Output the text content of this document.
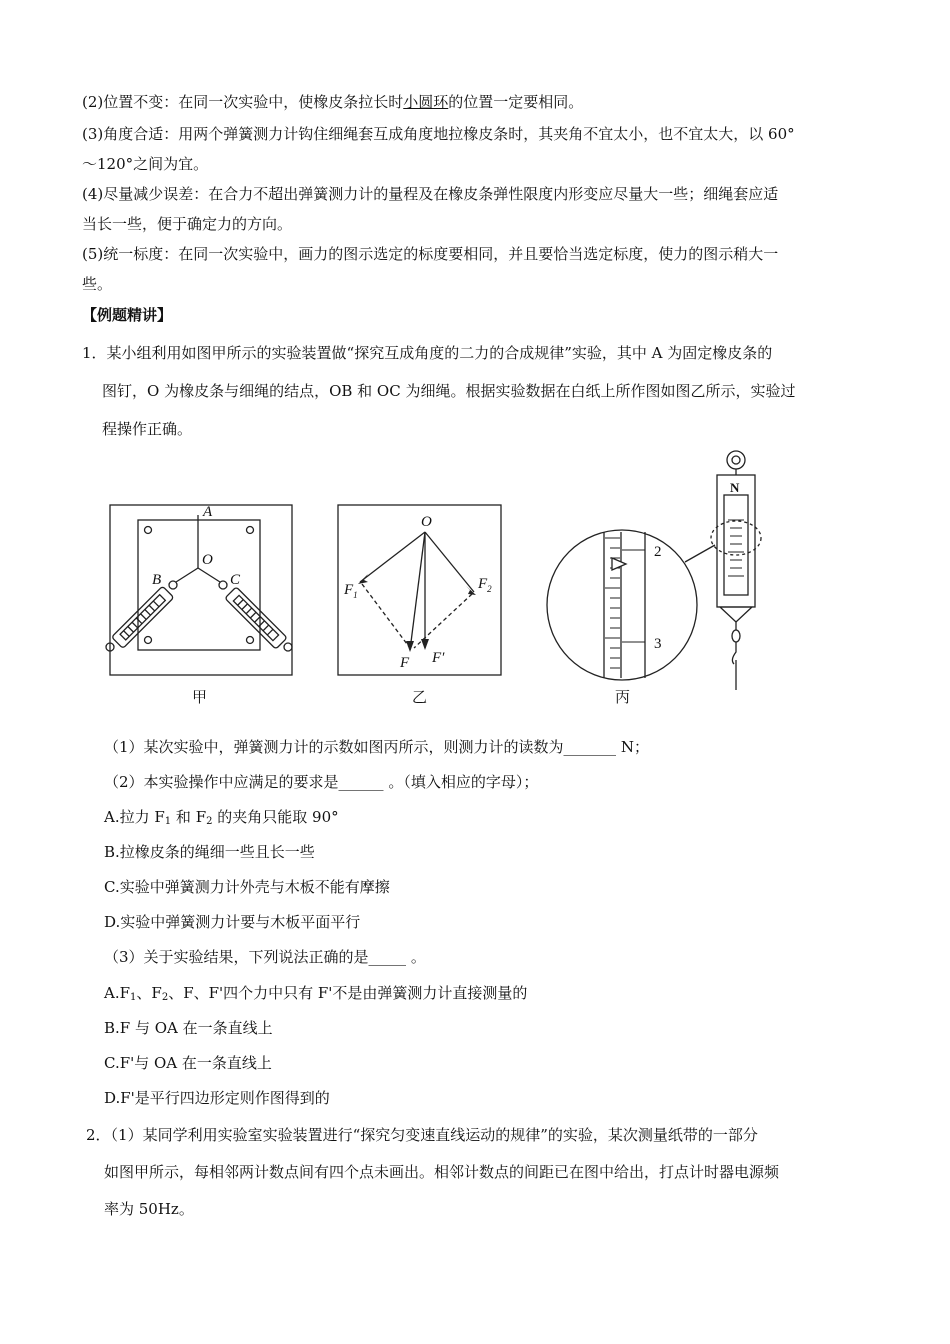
(2)位置不变：在同一次实验中，使橡皮条拉长时小圆环的位置一定要相同。
(3)角度合适：用两个弹簧测力计钩住细绳套互成角度地拉橡皮条时，其夹角不宜太小，也不宜太大，以 60°
～120°之间为宜。
(4)尽量减少误差：在合力不超出弹簧测力计的量程及在橡皮条弹性限度内形变应尽量大一些；细绳套应适
当长一些，便于确定力的方向。
(5)统一标度：在同一次实验中，画力的图示选定的标度要相同，并且要恰当选定标度，使力的图示稍大一
些。
【例题精讲】
1．某小组利用如图甲所示的实验装置做“探究互成角度的二力的合成规律”实验，其中 A 为固定橡皮条的
图钉，O 为橡皮条与细绳的结点，OB 和 OC 为细绳。根据实验数据在白纸上所作图如图乙所示，实验过
程操作正确。
A
O
B	C
O
$F_1$
$F_2$
F F′
2
3
N
甲	乙	丙
（1）某次实验中，弹簧测力计的示数如图丙所示，则测力计的读数为_______ N；
（2）本实验操作中应满足的要求是______ 。（填入相应的字母）；
A.拉力 $F_1$ 和 $F_2$ 的夹角只能取 90°
B.拉橡皮条的绳细一些且长一些
C.实验中弹簧测力计外壳与木板不能有摩擦
D.实验中弹簧测力计要与木板平面平行
（3）关于实验结果，下列说法正确的是_____ 。
$A.F_1$、$F_2$、F、F'四个力中只有 F'不是由弹簧测力计直接测量的
B.F 与 OA 在一条直线上
C.F'与 OA 在一条直线上
D.F'是平行四边形定则作图得到的
2．（1）某同学利用实验室实验装置进行“探究匀变速直线运动的规律”的实验，某次测量纸带的一部分
如图甲所示，每相邻两计数点间有四个点未画出。相邻计数点的间距已在图中给出，打点计时器电源频
率为 50Hz。
